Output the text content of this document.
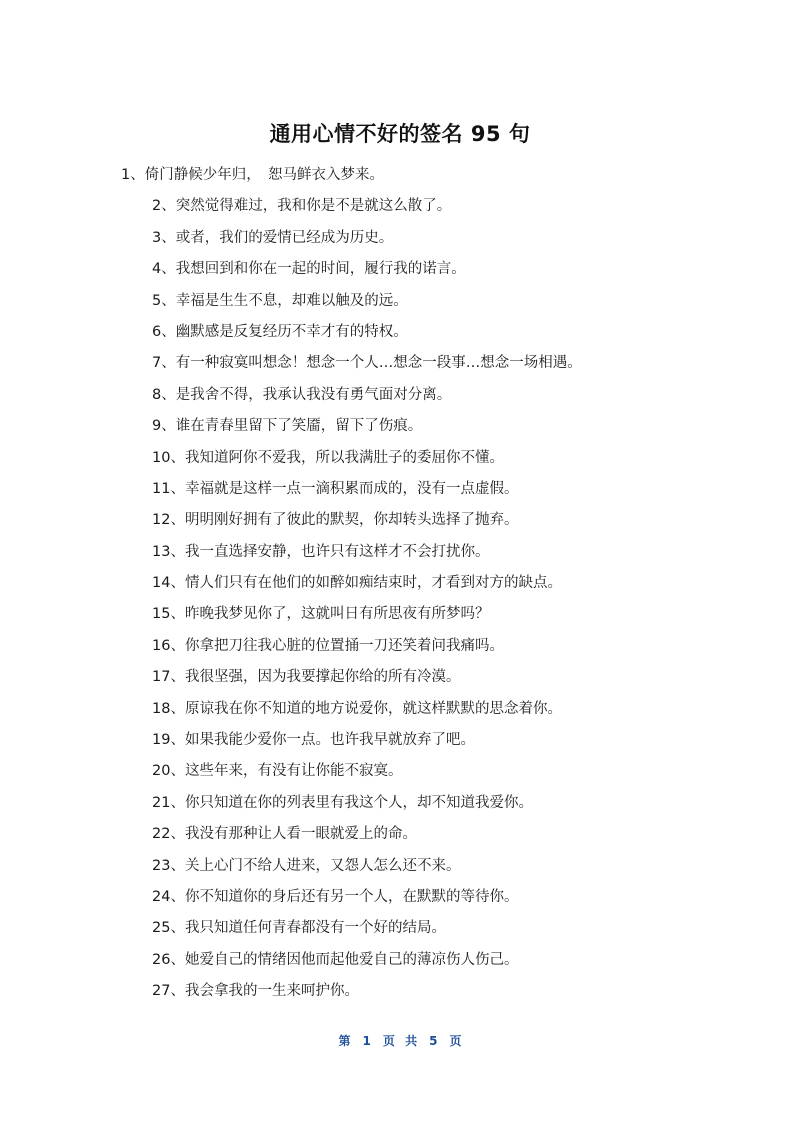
通用心情不好的签名 95 句
1、倚门静候少年归，　恕马鲜衣入梦来。
2、突然觉得难过，我和你是不是就这么散了。
3、或者，我们的爱情已经成为历史。
4、我想回到和你在一起的时间，履行我的诺言。
5、幸福是生生不息，却难以触及的远。
6、幽默感是反复经历不幸才有的特权。
7、有一种寂寞叫想念！想念一个人…想念一段事…想念一场相遇。
8、是我舍不得，我承认我没有勇气面对分离。
9、谁在青春里留下了笑靥，留下了伤痕。
10、我知道阿你不爱我，所以我满肚子的委屈你不懂。
11、幸福就是这样一点一滴积累而成的，没有一点虚假。
12、明明刚好拥有了彼此的默契，你却转头选择了抛弃。
13、我一直选择安静，也许只有这样才不会打扰你。
14、情人们只有在他们的如醉如痴结束时，才看到对方的缺点。
15、昨晚我梦见你了，这就叫日有所思夜有所梦吗？
16、你拿把刀往我心脏的位置捅一刀还笑着问我痛吗。
17、我很坚强，因为我要撑起你给的所有冷漠。
18、原谅我在你不知道的地方说爱你，就这样默默的思念着你。
19、如果我能少爱你一点。也许我早就放弃了吧。
20、这些年来，有没有让你能不寂寞。
21、你只知道在你的列表里有我这个人，却不知道我爱你。
22、我没有那种让人看一眼就爱上的命。
23、关上心门不给人进来，又怨人怎么还不来。
24、你不知道你的身后还有另一个人，在默默的等待你。
25、我只知道任何青春都没有一个好的结局。
26、她爱自己的情绪因他而起他爱自己的薄凉伤人伤己。
27、我会拿我的一生来呵护你。
第 1 页 共 5 页
